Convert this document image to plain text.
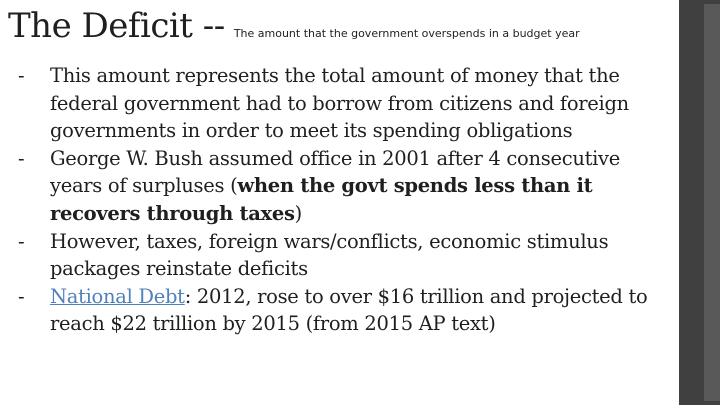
The Deficit -- The amount that the government overspends in a budget year
- This amount represents the total amount of money that the federal government had to borrow from citizens and foreign governments in order to meet its spending obligations
- George W. Bush assumed office in 2001 after 4 consecutive years of surpluses (when the govt spends less than it recovers through taxes)
- However, taxes, foreign wars/conflicts, economic stimulus packages reinstate deficits
- National Debt: 2012, rose to over $16 trillion and projected to reach $22 trillion by 2015 (from 2015 AP text)
